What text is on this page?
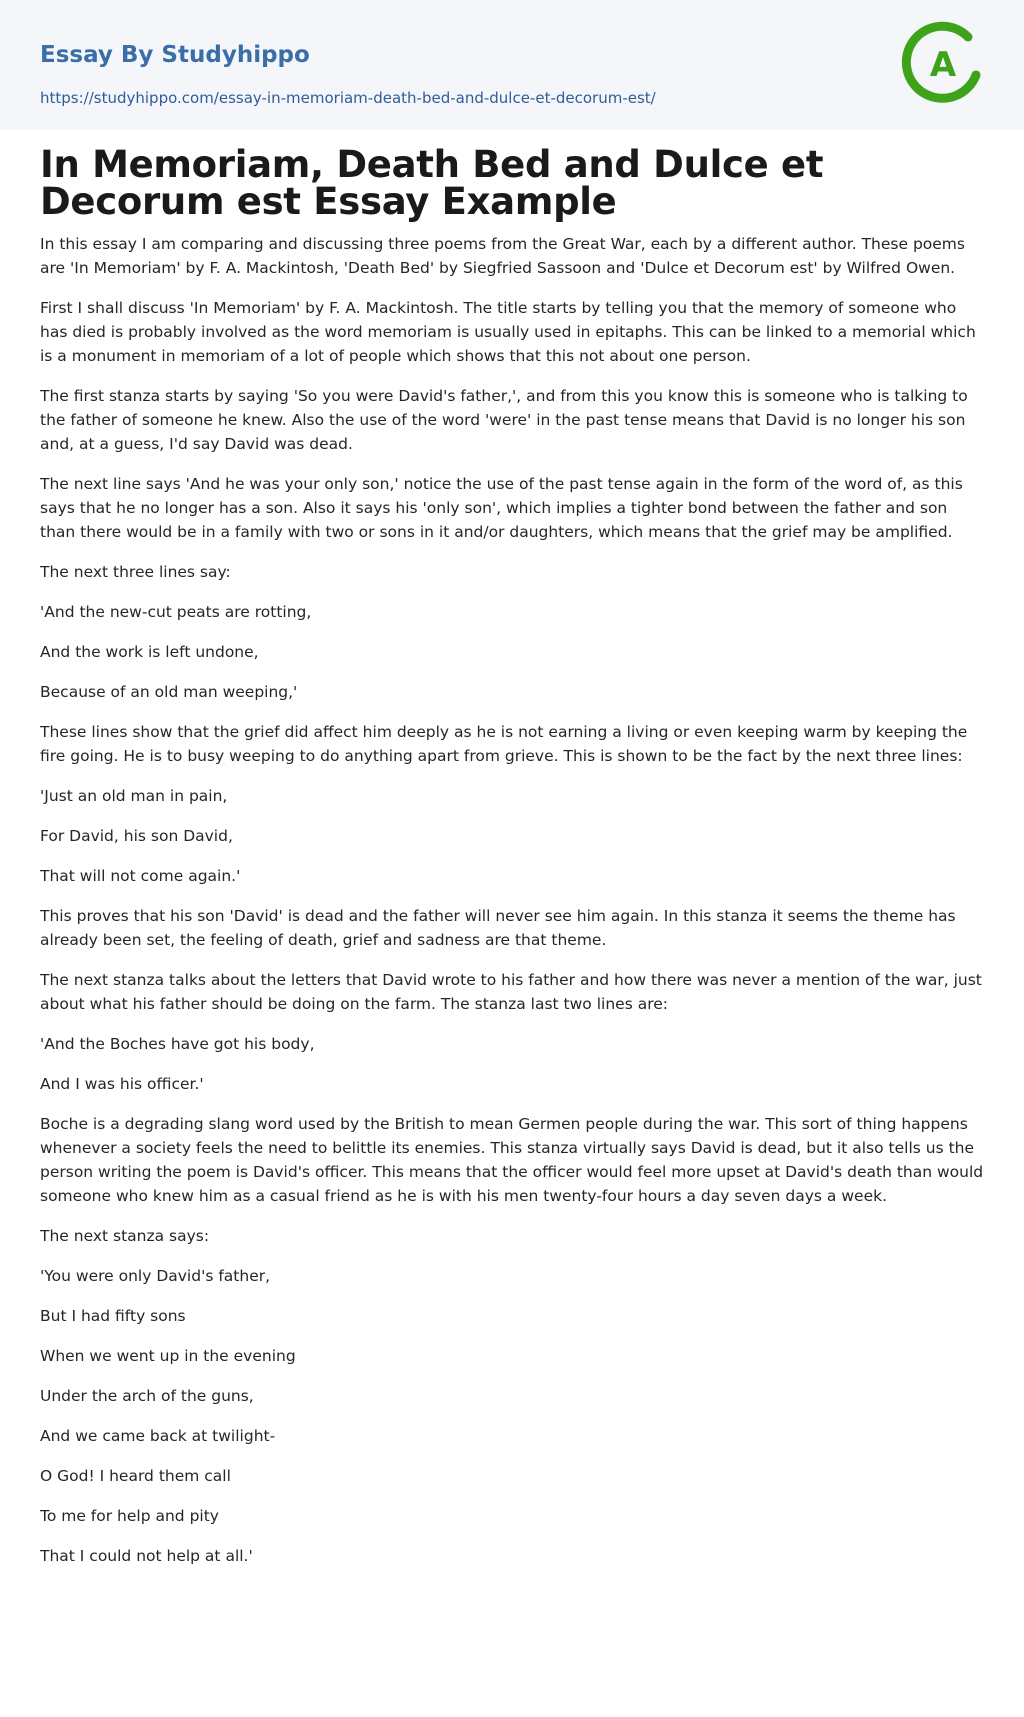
Essay By Studyhippo
https://studyhippo.com/essay-in-memoriam-death-bed-and-dulce-et-decorum-est/
A
In Memoriam, Death Bed and Dulce et Decorum est Essay Example

In this essay I am comparing and discussing three poems from the Great War, each by a different author. These poems are 'In Memoriam' by F. A. Mackintosh, 'Death Bed' by Siegfried Sassoon and 'Dulce et Decorum est' by Wilfred Owen.

First I shall discuss 'In Memoriam' by F. A. Mackintosh. The title starts by telling you that the memory of someone who has died is probably involved as the word memoriam is usually used in epitaphs. This can be linked to a memorial which is a monument in memoriam of a lot of people which shows that this not about one person.

The first stanza starts by saying 'So you were David's father,', and from this you know this is someone who is talking to the father of someone he knew. Also the use of the word 'were' in the past tense means that David is no longer his son and, at a guess, I'd say David was dead.

The next line says 'And he was your only son,' notice the use of the past tense again in the form of the word of, as this says that he no longer has a son. Also it says his 'only son', which implies a tighter bond between the father and son than there would be in a family with two or sons in it and/or daughters, which means that the grief may be amplified.

The next three lines say:

'And the new-cut peats are rotting,

And the work is left undone,

Because of an old man weeping,'

These lines show that the grief did affect him deeply as he is not earning a living or even keeping warm by keeping the fire going. He is to busy weeping to do anything apart from grieve. This is shown to be the fact by the next three lines:

'Just an old man in pain,

For David, his son David,

That will not come again.'

This proves that his son 'David' is dead and the father will never see him again. In this stanza it seems the theme has already been set, the feeling of death, grief and sadness are that theme.

The next stanza talks about the letters that David wrote to his father and how there was never a mention of the war, just about what his father should be doing on the farm. The stanza last two lines are:

'And the Boches have got his body,

And I was his officer.'

Boche is a degrading slang word used by the British to mean Germen people during the war. This sort of thing happens whenever a society feels the need to belittle its enemies. This stanza virtually says David is dead, but it also tells us the person writing the poem is David's officer. This means that the officer would feel more upset at David's death than would someone who knew him as a casual friend as he is with his men twenty-four hours a day seven days a week.

The next stanza says:

'You were only David's father,

But I had fifty sons

When we went up in the evening

Under the arch of the guns,

And we came back at twilight-

O God! I heard them call

To me for help and pity

That I could not help at all.'
